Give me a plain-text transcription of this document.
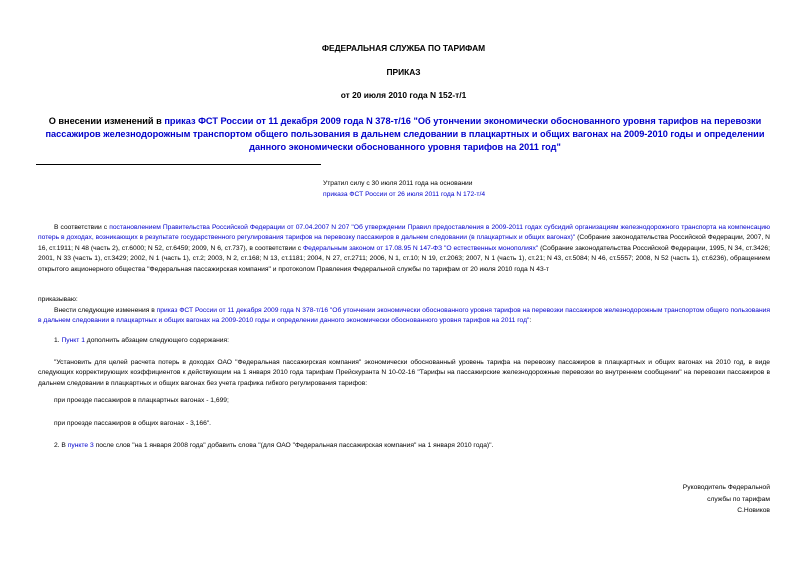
ФЕДЕРАЛЬНАЯ СЛУЖБА ПО ТАРИФАМ
ПРИКАЗ
от 20 июля 2010 года N 152-т/1
О внесении изменений в приказ ФСТ России от 11 декабря 2009 года N 378-т/16 "Об утончении экономически обоснованного уровня тарифов на перевозки пассажиров железнодорожным транспортом общего пользования в дальнем следовании в плацкартных и общих вагонах на 2009-2010 годы и определении данного экономически обоснованного уровня тарифов на 2011 год"
Утратил силу с 30 июля 2011 года на основании
приказа ФСТ России от 26 июля 2011 года N 172-т/4

В соответствии с постановлением Правительства Российской Федерации от 07.04.2007 N 207 "Об утверждении Правил предоставления в 2009-2011 годах субсидий организациям железнодорожного транспорта на компенсацию потерь в доходах, возникающих в результате государственного регулирования тарифов на перевозку пассажиров в дальнем следовании (в плацкартных и общих вагонах)" (Собрание законодательства Российской Федерации, 2007, N 16, ст.1911; N 48 (часть 2), ст.6000; N 52, ст.6459; 2009, N 6, ст.737), в соответствии с Федеральным законом от 17.08.95 N 147-ФЗ "О естественных монополиях" (Собрание законодательства Российской Федерации, 1995, N 34, ст.3426; 2001, N 33 (часть 1), ст.3429; 2002, N 1 (часть 1), ст.2; 2003, N 2, ст.168; N 13, ст.1181; 2004, N 27, ст.2711; 2006, N 1, ст.10; N 19, ст.2063; 2007, N 1 (часть 1), ст.21; N 43, ст.5084; N 46, ст.5557; 2008, N 52 (часть 1), ст.6236), обращением открытого акционерного общества "Федеральная пассажирская компания" и протоколом Правления Федеральной службы по тарифам от 20 июля 2010 года N 43-т

приказываю:

Внести следующие изменения в приказ ФСТ России от 11 декабря 2009 года N 378-т/16 "Об утончении экономически обоснованного уровня тарифов на перевозки пассажиров железнодорожным транспортом общего пользования в дальнем следовании в плацкартных и общих вагонах на 2009-2010 годы и определении данного экономически обоснованного уровня тарифов на 2011 год":

1. Пункт 1 дополнить абзацем следующего содержания:

"Установить для целей расчета потерь в доходах ОАО "Федеральная пассажирская компания" экономически обоснованный уровень тарифа на перевозку пассажиров в плацкартных и общих вагонах на 2010 год, в виде следующих корректирующих коэффициентов к действующим на 1 января 2010 года тарифам Прейскуранта N 10-02-16 "Тарифы на пассажирские железнодорожные перевозки во внутреннем сообщении" на перевозки пассажиров в дальнем следовании в плацкартных и общих вагонах без учета графика гибкого регулирования тарифов:

при проезде пассажиров в плацкартных вагонах - 1,699;

при проезде пассажиров в общих вагонах - 3,166".

2. В пункте 3 после слов "на 1 января 2008 года" добавить слова "(для ОАО "Федеральная пассажирская компания" на 1 января 2010 года)".

Руководитель Федеральной
службы по тарифам
С.Новиков
